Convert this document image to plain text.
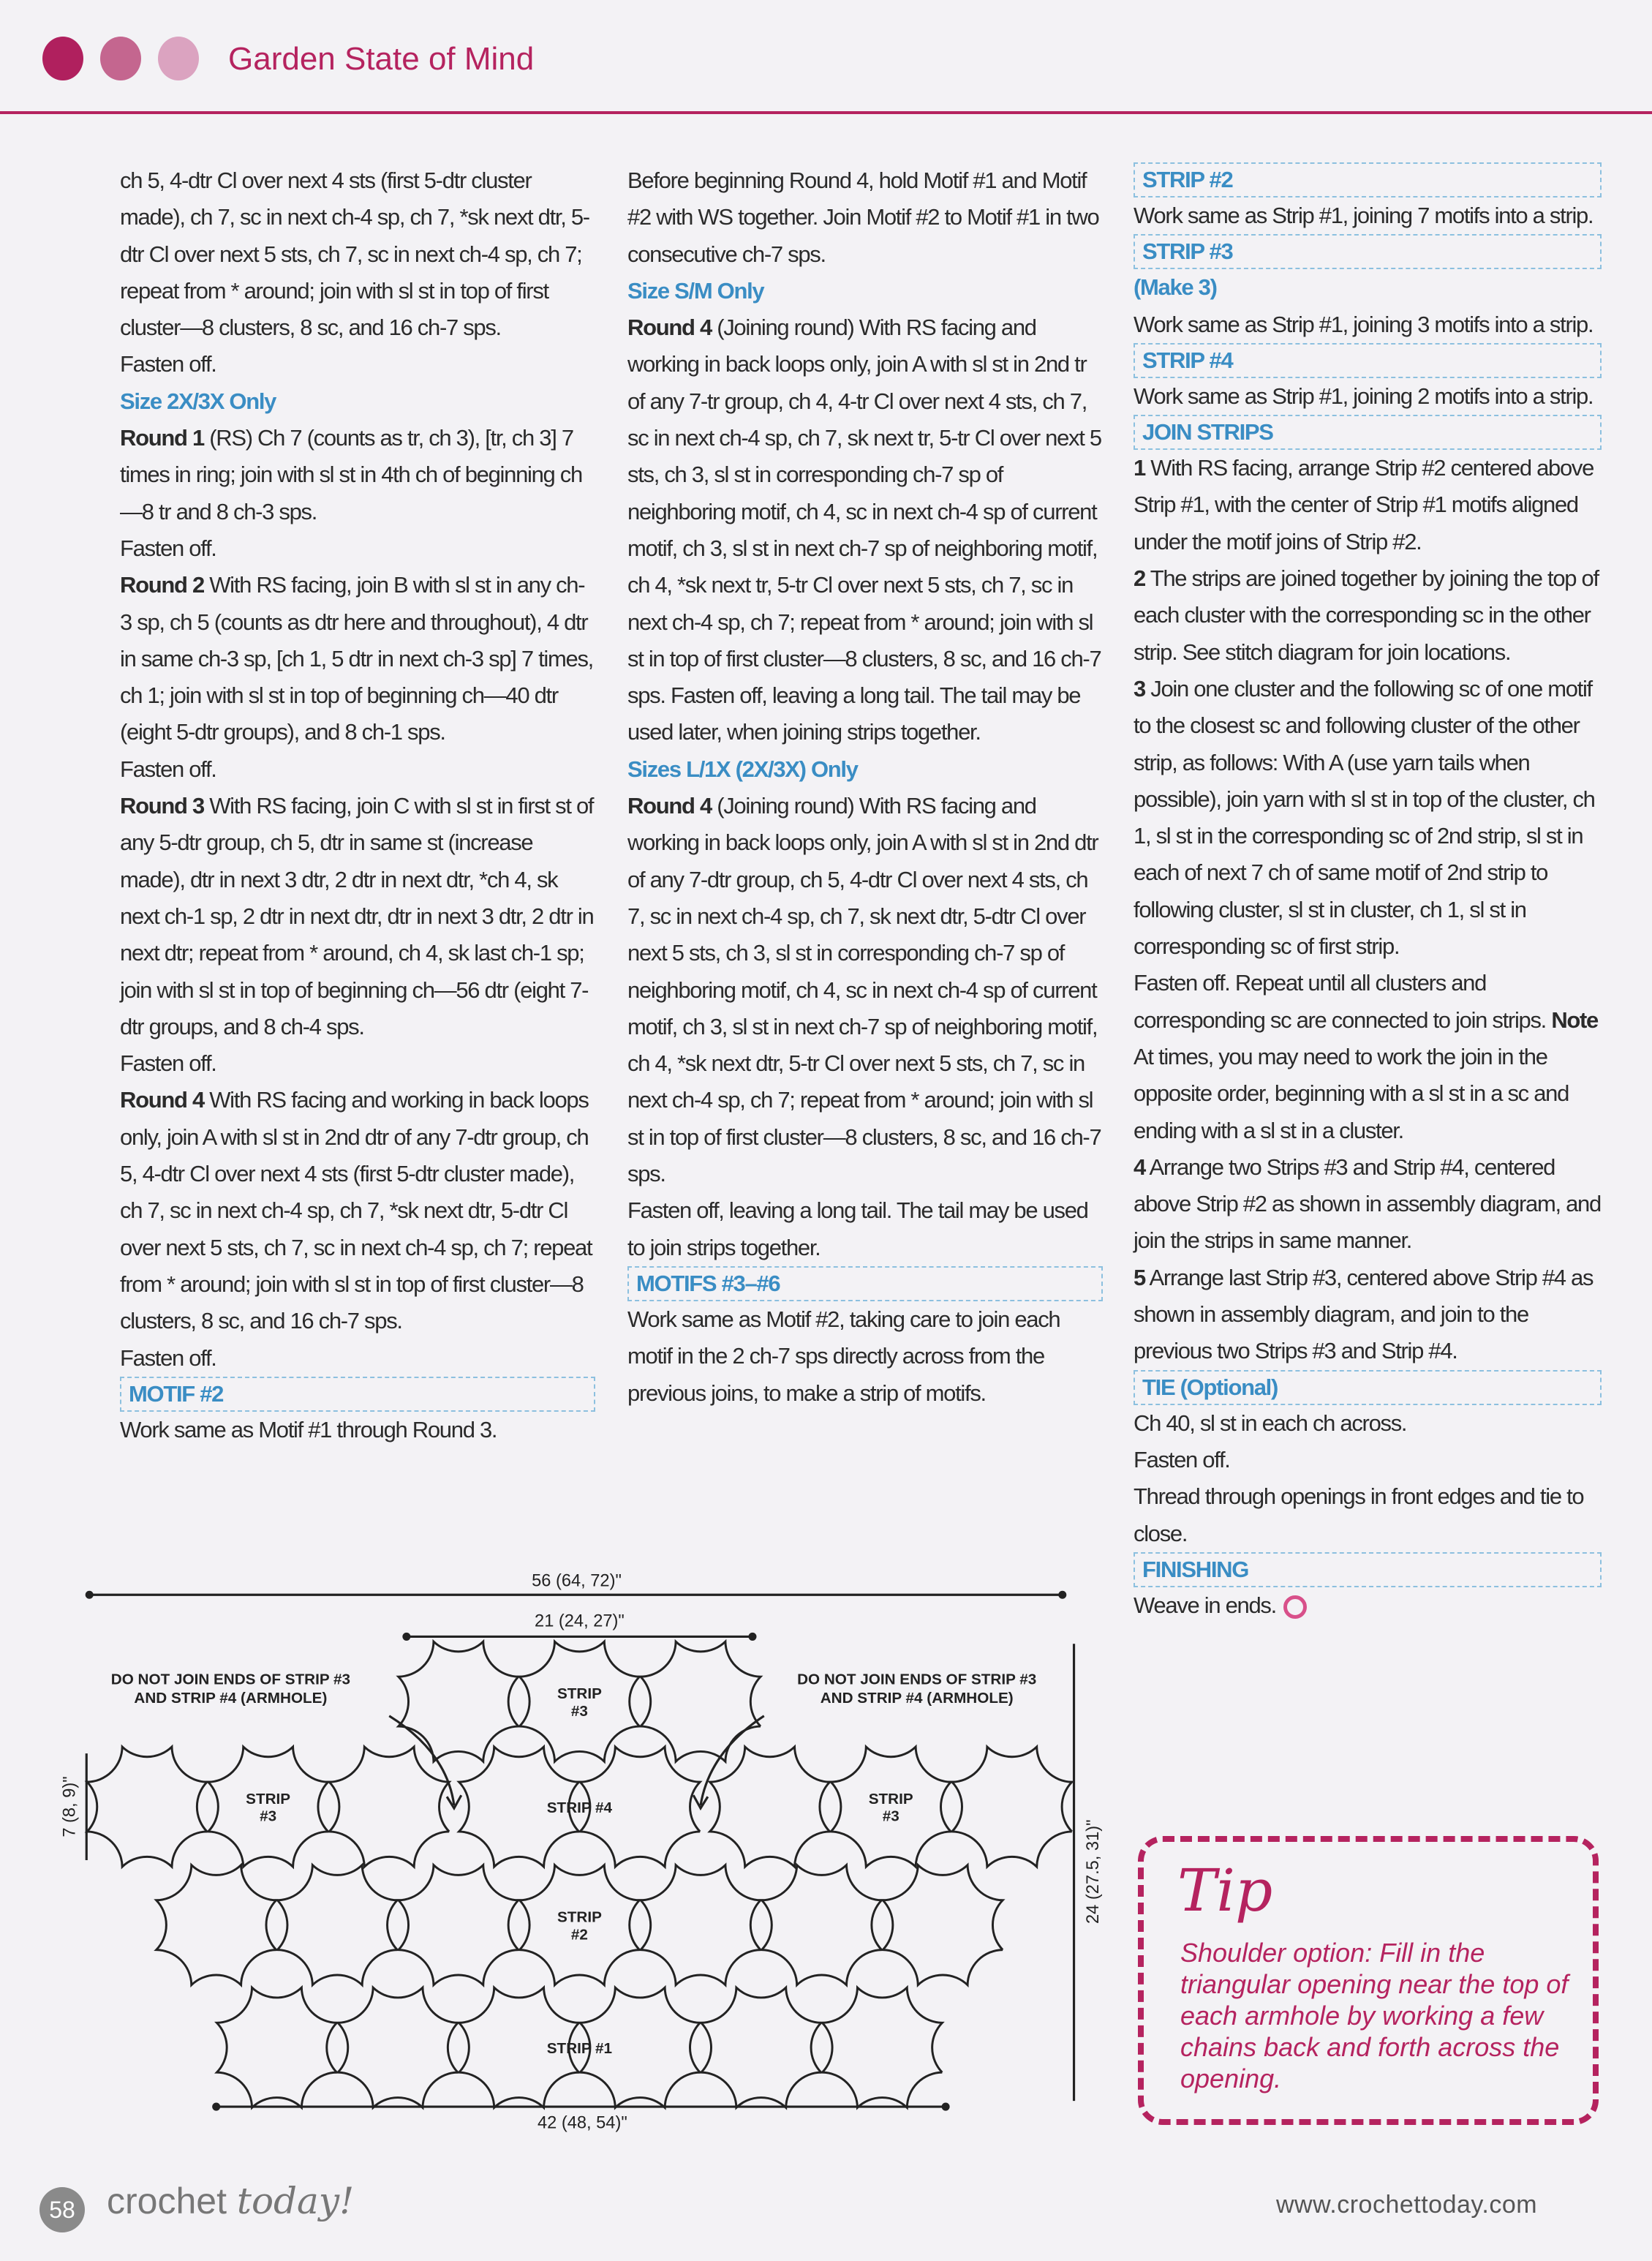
Garden State of Mind

ch 5, 4-dtr Cl over next 4 sts (first 5-dtr cluster made), ch 7, sc in next ch-4 sp, ch 7, *sk next dtr, 5-dtr Cl over next 5 sts, ch 7, sc in next ch-4 sp, ch 7; repeat from * around; join with sl st in top of first cluster—8 clusters, 8 sc, and 16 ch-7 sps.

Fasten off.

Size 2X/3X Only

Round 1 (RS) Ch 7 (counts as tr, ch 3), [tr, ch 3] 7 times in ring; join with sl st in 4th ch of beginning ch—8 tr and 8 ch-3 sps.

Fasten off.

Round 2 With RS facing, join B with sl st in any ch-3 sp, ch 5 (counts as dtr here and throughout), 4 dtr in same ch-3 sp, [ch 1, 5 dtr in next ch-3 sp] 7 times, ch 1; join with sl st in top of beginning ch—40 dtr (eight 5-dtr groups), and 8 ch-1 sps.

Fasten off.

Round 3 With RS facing, join C with sl st in first st of any 5-dtr group, ch 5, dtr in same st (increase made), dtr in next 3 dtr, 2 dtr in next dtr, *ch 4, sk next ch-1 sp, 2 dtr in next dtr, dtr in next 3 dtr, 2 dtr in next dtr; repeat from * around, ch 4, sk last ch-1 sp; join with sl st in top of beginning ch—56 dtr (eight 7-dtr groups, and 8 ch-4 sps.

Fasten off.

Round 4 With RS facing and working in back loops only, join A with sl st in 2nd dtr of any 7-dtr group, ch 5, 4-dtr Cl over next 4 sts (first 5-dtr cluster made), ch 7, sc in next ch-4 sp, ch 7, *sk next dtr, 5-dtr Cl over next 5 sts, ch 7, sc in next ch-4 sp, ch 7; repeat from * around; join with sl st in top of first cluster—8 clusters, 8 sc, and 16 ch-7 sps.

Fasten off.

MOTIF #2

Work same as Motif #1 through Round 3.

Before beginning Round 4, hold Motif #1 and Motif #2 with WS together. Join Motif #2 to Motif #1 in two consecutive ch-7 sps.

Size S/M Only

Round 4 (Joining round) With RS facing and working in back loops only, join A with sl st in 2nd tr of any 7-tr group, ch 4, 4-tr Cl over next 4 sts, ch 7, sc in next ch-4 sp, ch 7, sk next tr, 5-tr Cl over next 5 sts, ch 3, sl st in corresponding ch-7 sp of neighboring motif, ch 4, sc in next ch-4 sp of current motif, ch 3, sl st in next ch-7 sp of neighboring motif, ch 4, *sk next tr, 5-tr Cl over next 5 sts, ch 7, sc in next ch-4 sp, ch 7; repeat from * around; join with sl st in top of first cluster—8 clusters, 8 sc, and 16 ch-7 sps. Fasten off, leaving a long tail. The tail may be used later, when joining strips together.

Sizes L/1X (2X/3X) Only

Round 4 (Joining round) With RS facing and working in back loops only, join A with sl st in 2nd dtr of any 7-dtr group, ch 5, 4-dtr Cl over next 4 sts, ch 7, sc in next ch-4 sp, ch 7, sk next dtr, 5-dtr Cl over next 5 sts, ch 3, sl st in corresponding ch-7 sp of neighboring motif, ch 4, sc in next ch-4 sp of current motif, ch 3, sl st in next ch-7 sp of neighboring motif, ch 4, *sk next dtr, 5-tr Cl over next 5 sts, ch 7, sc in next ch-4 sp, ch 7; repeat from * around; join with sl st in top of first cluster—8 clusters, 8 sc, and 16 ch-7 sps.

Fasten off, leaving a long tail. The tail may be used to join strips together.

MOTIFS #3–#6

Work same as Motif #2, taking care to join each motif in the 2 ch-7 sps directly across from the previous joins, to make a strip of motifs.

STRIP #2

Work same as Strip #1, joining 7 motifs into a strip.

STRIP #3

(Make 3)

Work same as Strip #1, joining 3 motifs into a strip.

STRIP #4

Work same as Strip #1, joining 2 motifs into a strip.

JOIN STRIPS

1 With RS facing, arrange Strip #2 centered above Strip #1, with the center of Strip #1 motifs aligned under the motif joins of Strip #2.

2 The strips are joined together by joining the top of each cluster with the corresponding sc in the other strip. See stitch diagram for join locations.

3 Join one cluster and the following sc of one motif to the closest sc and following cluster of the other strip, as follows: With A (use yarn tails when possible), join yarn with sl st in top of the cluster, ch 1, sl st in the corresponding sc of 2nd strip, sl st in each of next 7 ch of same motif of 2nd strip to following cluster, sl st in cluster, ch 1, sl st in corresponding sc of first strip.

Fasten off. Repeat until all clusters and corresponding sc are connected to join strips. Note At times, you may need to work the join in the opposite order, beginning with a sl st in a sc and ending with a sl st in a cluster.

4 Arrange two Strips #3 and Strip #4, centered above Strip #2 as shown in assembly diagram, and join the strips in same manner.

5 Arrange last Strip #3, centered above Strip #4 as shown in assembly diagram, and join to the previous two Strips #3 and Strip #4.

TIE (Optional)

Ch 40, sl st in each ch across.

Fasten off.

Thread through openings in front edges and tie to close.

FINISHING

Weave in ends.

56 (64, 72)"
21 (24, 27)"
42 (48, 54)"
7 (8, 9)"
24 (27.5, 31)"
DO NOT JOIN ENDS OF STRIP #3
AND STRIP #4 (ARMHOLE)
DO NOT JOIN ENDS OF STRIP #3
AND STRIP #4 (ARMHOLE)
STRIP
#3
STRIP
#3
STRIP #4
STRIP
#3
STRIP
#2
STRIP #1
Tip
Shoulder option: Fill in the triangular opening near the top of each armhole by working a few chains back and forth across the opening.
58 crochet today!	www.crochettoday.com
